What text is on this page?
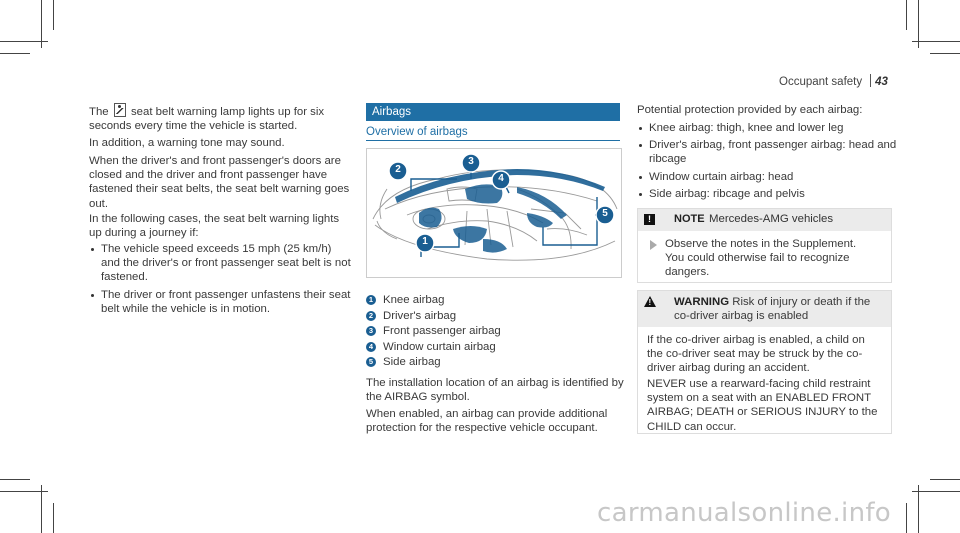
Occupant safety 43

The seat belt warning lamp lights up for six seconds every time the vehicle is started.

In addition, a warning tone may sound.

When the driver's and front passenger's doors are closed and the driver and front passenger have fastened their seat belts, the seat belt warning goes out.

In the following cases, the seat belt warning lights up during a journey if:

The vehicle speed exceeds 15 mph (25 km/h) and the driver's or front passenger seat belt is not fastened.
The driver or front passenger unfastens their seat belt while the vehicle is in motion.
Airbags
Overview of airbags
1
2
3
4
5
1 Knee airbag
2 Driver's airbag
3 Front passenger airbag
4 Window curtain airbag
5 Side airbag

The installation location of an airbag is identified by the AIRBAG symbol.

When enabled, an airbag can provide additional protection for the respective vehicle occupant.

Potential protection provided by each airbag:

Knee airbag: thigh, knee and lower leg
Driver's airbag, front passenger airbag: head and ribcage
Window curtain airbag: head
Side airbag: ribcage and pelvis
!	NOTE Mercedes-AMG vehicles

Observe the notes in the Supplement. You could otherwise fail to recognize dangers.

! WARNING Risk of injury or death if the co-driver airbag is enabled

If the co-driver airbag is enabled, a child on the co-driver seat may be struck by the co-driver airbag during an accident.

NEVER use a rearward-facing child restraint system on a seat with an ENABLED FRONT AIRBAG; DEATH or SERIOUS INJURY to the CHILD can occur.

carmanualsonline.info
